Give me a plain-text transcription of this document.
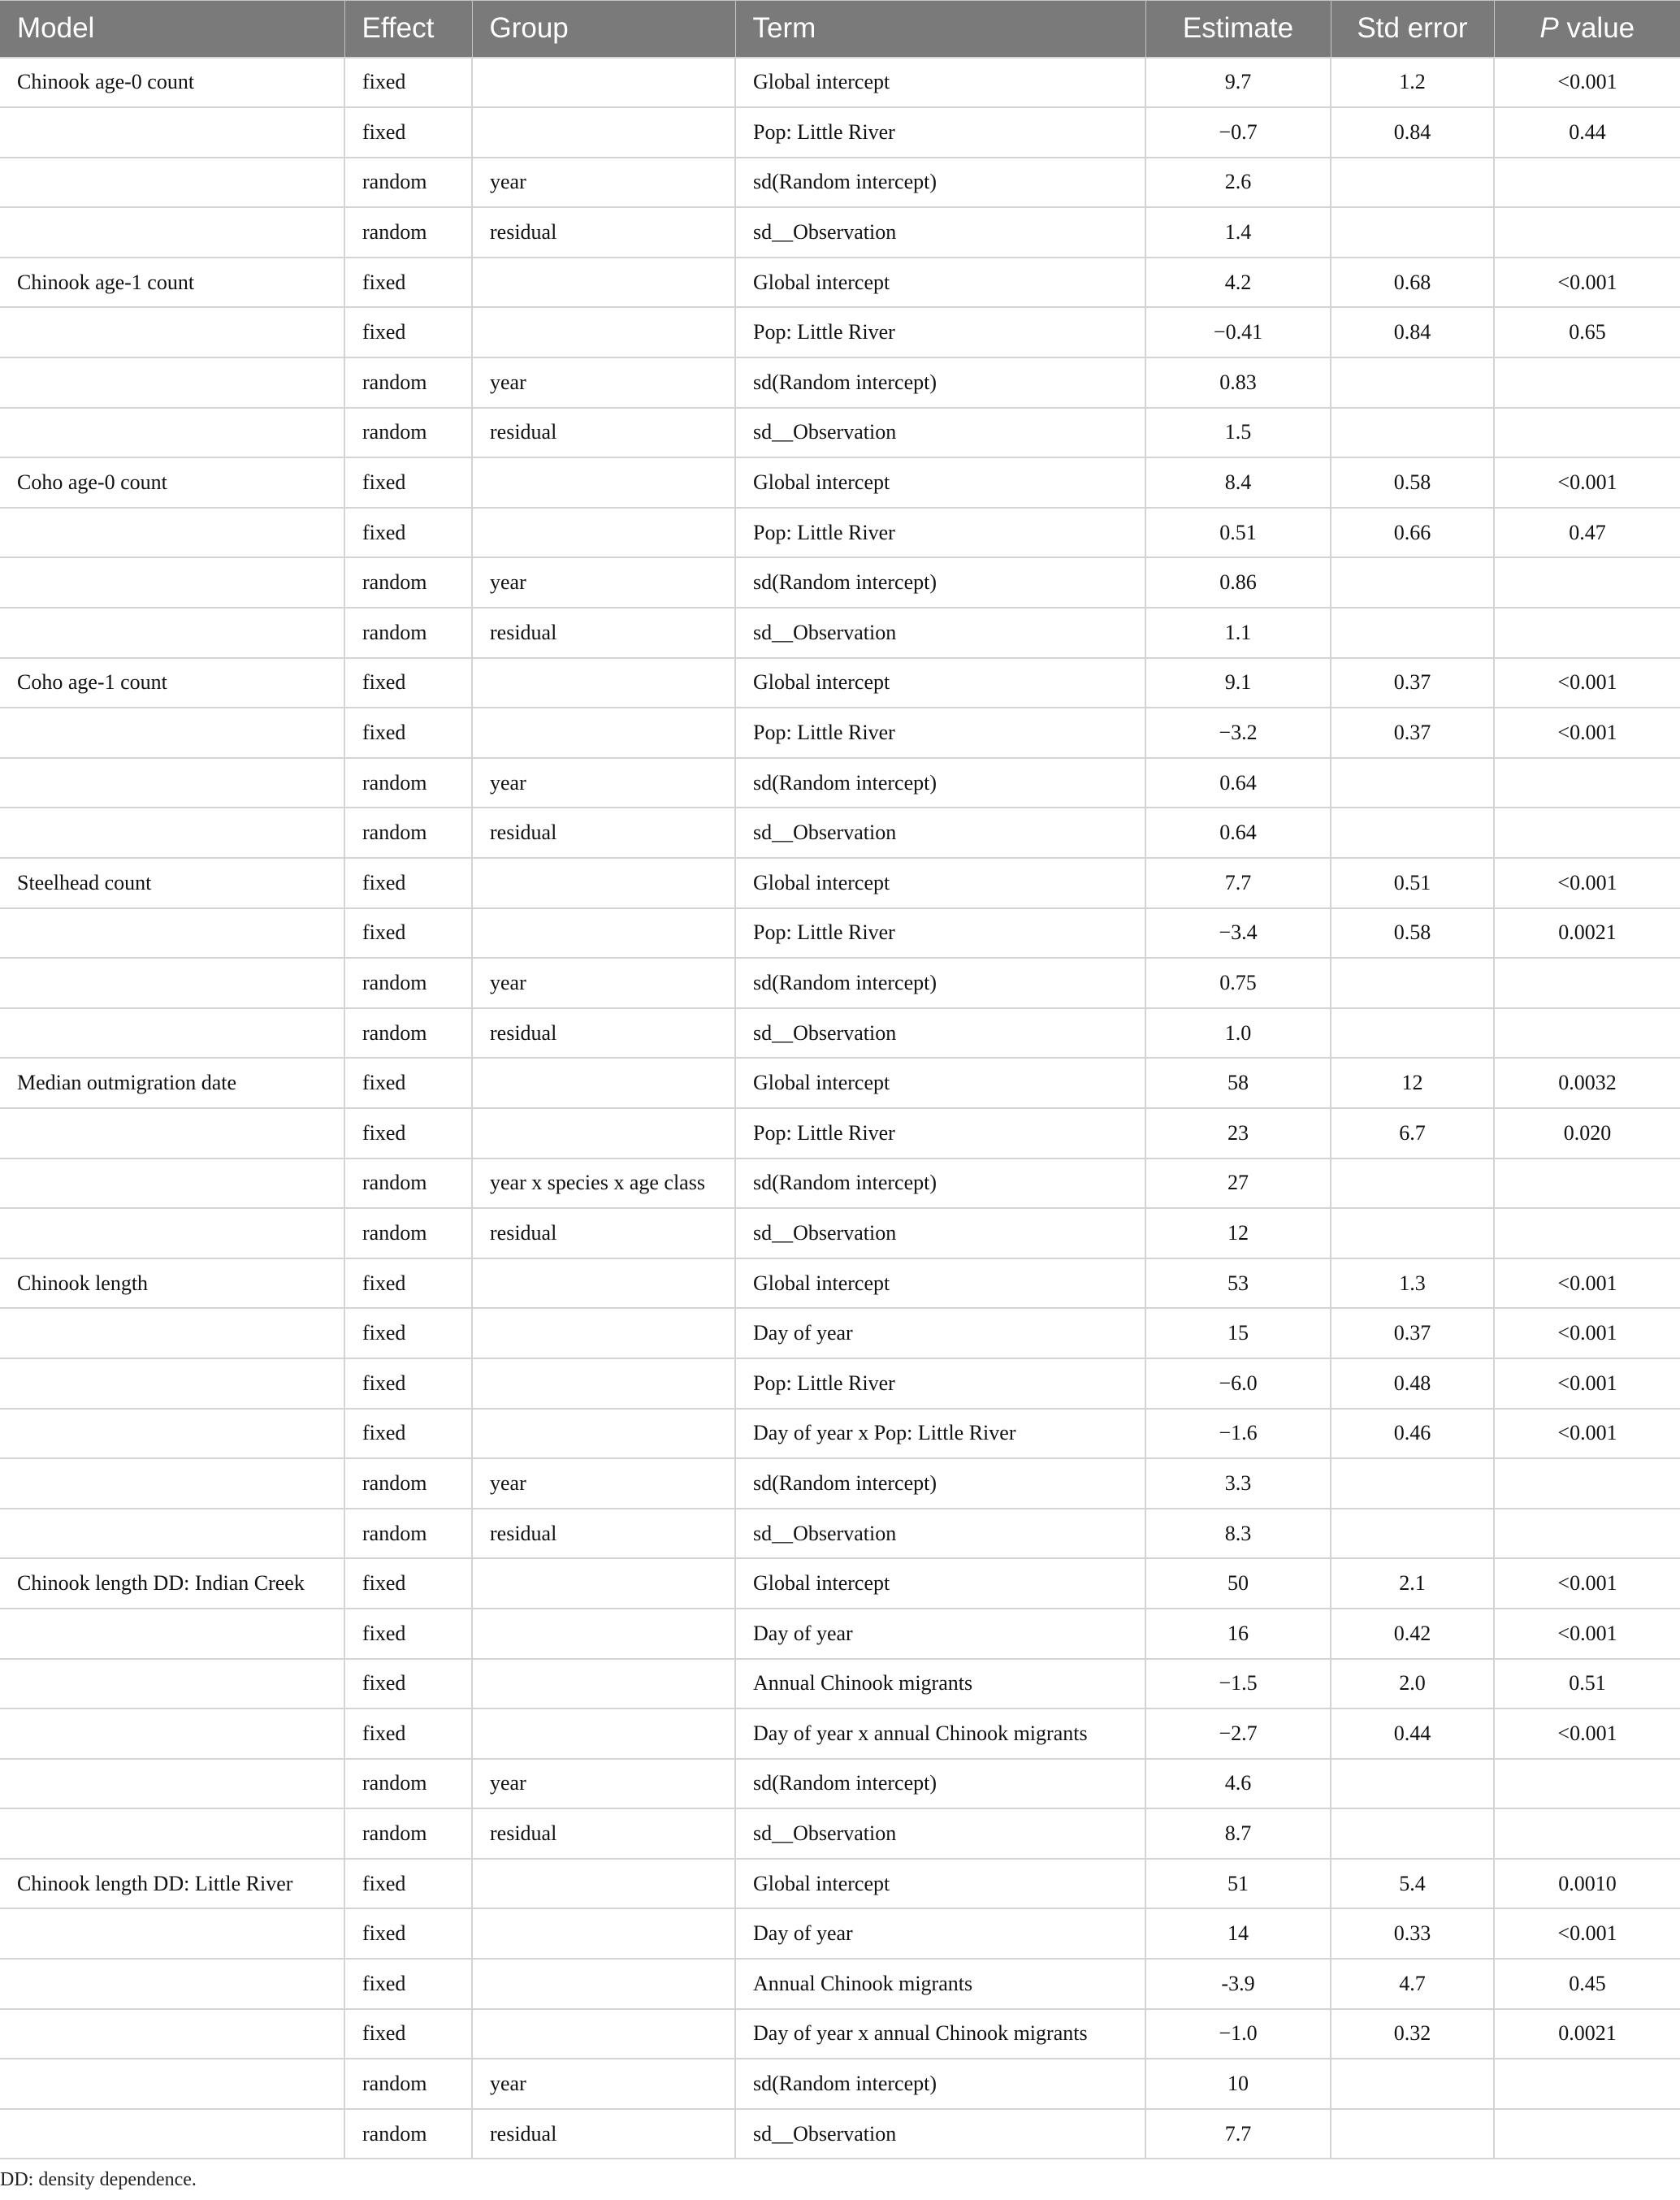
Model	Effect	Group	Term	Estimate	Std error	P value
Chinook age-0 count	fixed		Global intercept	9.7	1.2	<0.001
	fixed		Pop: Little River	−0.7	0.84	0.44
	random	year	sd(Random intercept)	2.6		
	random	residual	sd__Observation	1.4		
Chinook age-1 count	fixed		Global intercept	4.2	0.68	<0.001
	fixed		Pop: Little River	−0.41	0.84	0.65
	random	year	sd(Random intercept)	0.83		
	random	residual	sd__Observation	1.5		
Coho age-0 count	fixed		Global intercept	8.4	0.58	<0.001
	fixed		Pop: Little River	0.51	0.66	0.47
	random	year	sd(Random intercept)	0.86		
	random	residual	sd__Observation	1.1		
Coho age-1 count	fixed		Global intercept	9.1	0.37	<0.001
	fixed		Pop: Little River	−3.2	0.37	<0.001
	random	year	sd(Random intercept)	0.64		
	random	residual	sd__Observation	0.64		
Steelhead count	fixed		Global intercept	7.7	0.51	<0.001
	fixed		Pop: Little River	−3.4	0.58	0.0021
	random	year	sd(Random intercept)	0.75		
	random	residual	sd__Observation	1.0		
Median outmigration date	fixed		Global intercept	58	12	0.0032
	fixed		Pop: Little River	23	6.7	0.020
	random	year x species x age class	sd(Random intercept)	27		
	random	residual	sd__Observation	12		
Chinook length	fixed		Global intercept	53	1.3	<0.001
	fixed		Day of year	15	0.37	<0.001
	fixed		Pop: Little River	−6.0	0.48	<0.001
	fixed		Day of year x Pop: Little River	−1.6	0.46	<0.001
	random	year	sd(Random intercept)	3.3		
	random	residual	sd__Observation	8.3		
Chinook length DD: Indian Creek	fixed		Global intercept	50	2.1	<0.001
	fixed		Day of year	16	0.42	<0.001
	fixed		Annual Chinook migrants	−1.5	2.0	0.51
	fixed		Day of year x annual Chinook migrants	−2.7	0.44	<0.001
	random	year	sd(Random intercept)	4.6		
	random	residual	sd__Observation	8.7		
Chinook length DD: Little River	fixed		Global intercept	51	5.4	0.0010
	fixed		Day of year	14	0.33	<0.001
	fixed		Annual Chinook migrants	-3.9	4.7	0.45
	fixed		Day of year x annual Chinook migrants	−1.0	0.32	0.0021
	random	year	sd(Random intercept)	10		
	random	residual	sd__Observation	7.7		
DD: density dependence.
